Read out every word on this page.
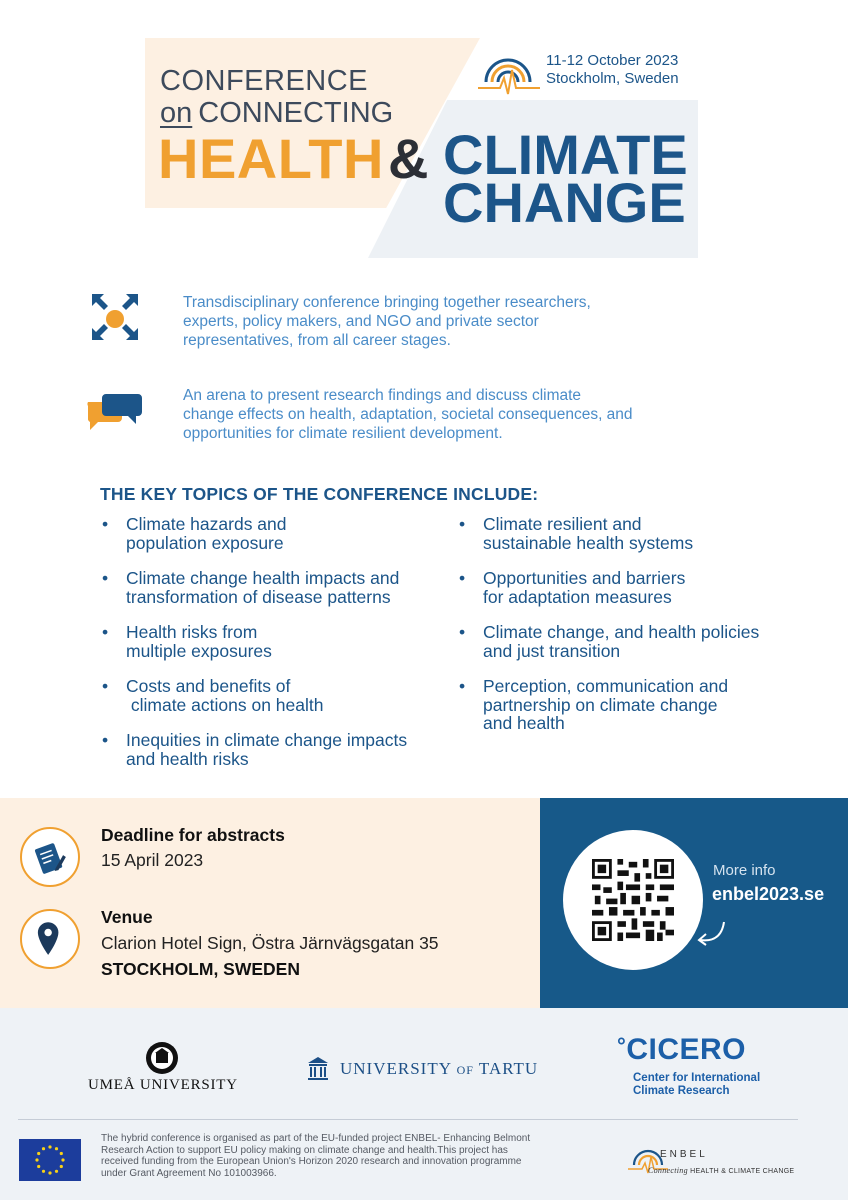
CONFERENCE
on CONNECTING
HEALTH & CLIMATE
CHANGE
11-12 October 2023
Stockholm, Sweden
Transdisciplinary conference bringing together researchers,
experts, policy makers, and NGO and private sector
representatives, from all career stages.
An arena to present research findings and discuss climate
change effects on health, adaptation, societal consequences, and
opportunities for climate resilient development.
THE KEY TOPICS OF THE CONFERENCE INCLUDE:
• Climate hazards and
population exposure
• Climate change health impacts and
transformation of disease patterns
• Health risks from
multiple exposures
• Costs and benefits of
climate actions on health
• Inequities in climate change impacts
and health risks
• Climate resilient and
sustainable health systems
• Opportunities and barriers
for adaptation measures
• Climate change, and health policies
and just transition
• Perception, communication and
partnership on climate change
and health
Deadline for abstracts
15 April 2023
Venue
Clarion Hotel Sign, Östra Järnvägsgatan 35
STOCKHOLM, SWEDEN
More info
enbel2023.se
UMEÅ UNIVERSITY
UNIVERSITY OF TARTU
°CICERO
Center for International
Climate Research
The hybrid conference is organised as part of the EU-funded project ENBEL- Enhancing Belmont
Research Action to support EU policy making on climate change and health.This project has
received funding from the European Union's Horizon 2020 research and innovation programme
under Grant Agreement No 101003966.
ENBEL
Connecting HEALTH & CLIMATE CHANGE
